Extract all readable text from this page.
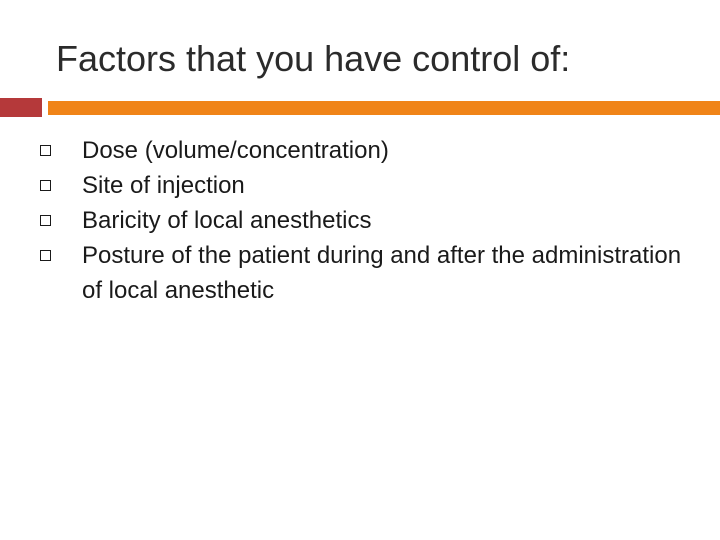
Factors that you have control of:
Dose (volume/concentration)
Site of injection
Baricity of local anesthetics
Posture of the patient during and after the administration of local anesthetic
